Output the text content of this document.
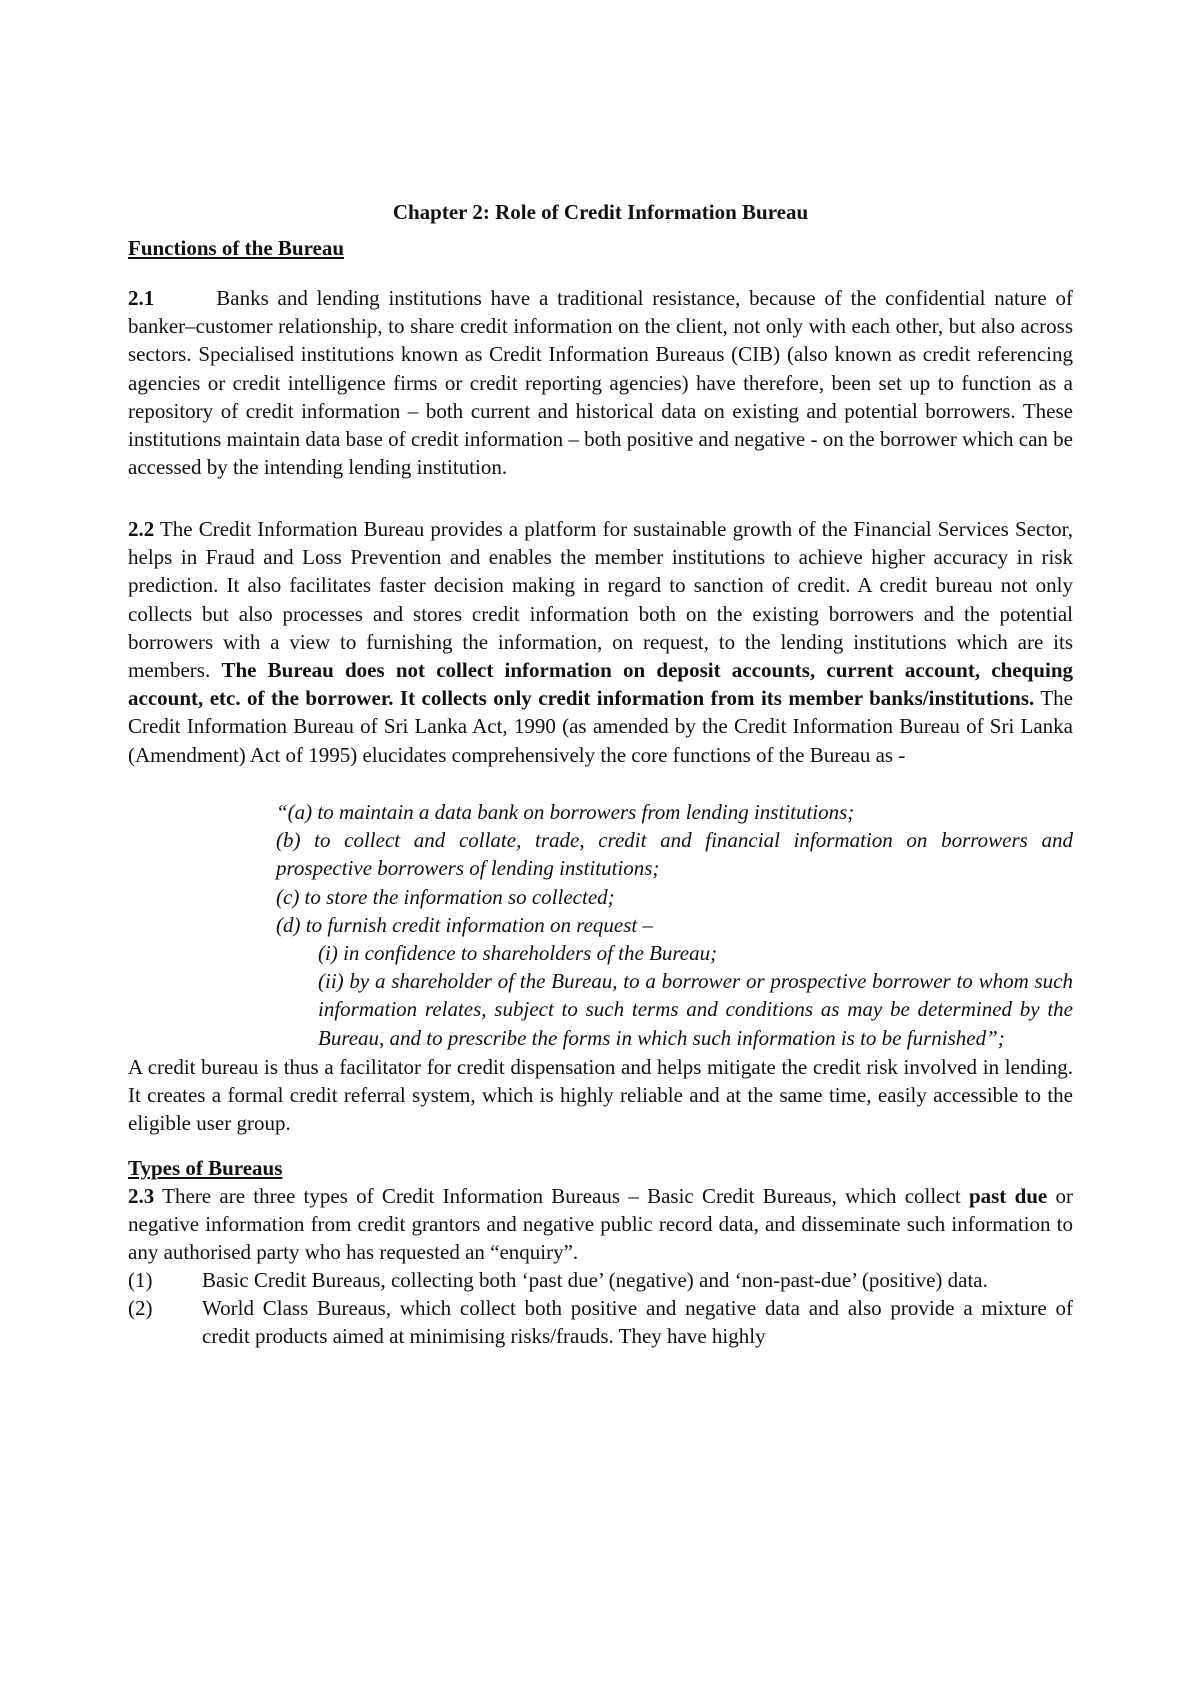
Chapter 2: Role of Credit Information Bureau
Functions of the Bureau

2.1	Banks and lending institutions have a traditional resistance, because of the confidential nature of banker–customer relationship, to share credit information on the client, not only with each other, but also across sectors. Specialised institutions known as Credit Information Bureaus (CIB) (also known as credit referencing agencies or credit intelligence firms or credit reporting agencies) have therefore, been set up to function as a repository of credit information – both current and historical data on existing and potential borrowers. These institutions maintain data base of credit information – both positive and negative - on the borrower which can be accessed by the intending lending institution.

2.2 The Credit Information Bureau provides a platform for sustainable growth of the Financial Services Sector, helps in Fraud and Loss Prevention and enables the member institutions to achieve higher accuracy in risk prediction. It also facilitates faster decision making in regard to sanction of credit. A credit bureau not only collects but also processes and stores credit information both on the existing borrowers and the potential borrowers with a view to furnishing the information, on request, to the lending institutions which are its members. The Bureau does not collect information on deposit accounts, current account, chequing account, etc. of the borrower. It collects only credit information from its member banks/institutions. The Credit Information Bureau of Sri Lanka Act, 1990 (as amended by the Credit Information Bureau of Sri Lanka (Amendment) Act of 1995) elucidates comprehensively the core functions of the Bureau as -

“(a) to maintain a data bank on borrowers from lending institutions;
(b) to collect and collate, trade, credit and financial information on borrowers and prospective borrowers of lending institutions;
(c) to store the information so collected;
(d) to furnish credit information on request –
(i) in confidence to shareholders of the Bureau;
(ii) by a shareholder of the Bureau, to a borrower or prospective borrower to whom such information relates, subject to such terms and conditions as may be determined by the Bureau, and to prescribe the forms in which such information is to be furnished”;

A credit bureau is thus a facilitator for credit dispensation and helps mitigate the credit risk involved in lending. It creates a formal credit referral system, which is highly reliable and at the same time, easily accessible to the eligible user group.

Types of Bureaus

2.3 There are three types of Credit Information Bureaus – Basic Credit Bureaus, which collect past due or negative information from credit grantors and negative public record data, and disseminate such information to any authorised party who has requested an “enquiry”.

(1) Basic Credit Bureaus, collecting both ‘past due’ (negative) and ‘non-past-due’ (positive) data.
(2) World Class Bureaus, which collect both positive and negative data and also provide a mixture of credit products aimed at minimising risks/frauds. They have highly
